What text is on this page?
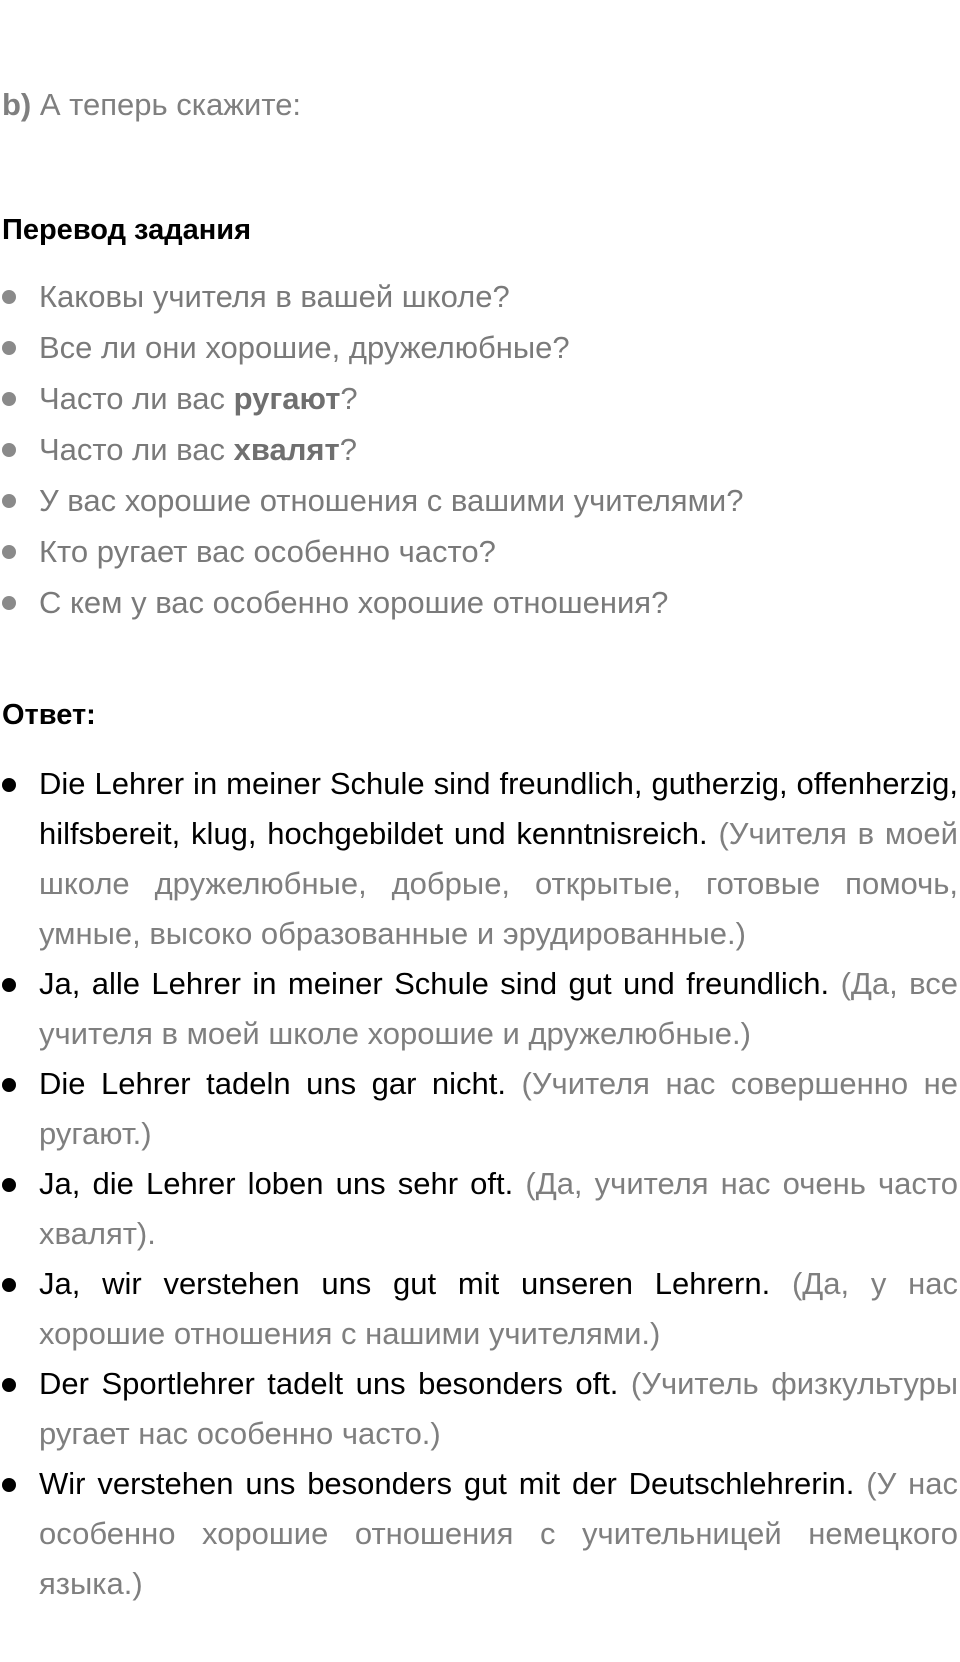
b) А теперь скажите:
Перевод задания
Каковы учителя в вашей школе?
Все ли они хорошие, дружелюбные?
Часто ли вас ругают?
Часто ли вас хвалят?
У вас хорошие отношения с вашими учителями?
Кто ругает вас особенно часто?
С кем у вас особенно хорошие отношения?
Ответ:
Die Lehrer in meiner Schule sind freundlich, gutherzig, offenherzig, hilfsbereit, klug, hochgebildet und kenntnisreich. (Учителя в моей школе дружелюбные, добрые, открытые, готовые помочь, умные, высоко образованные и эрудированные.)
Ja, alle Lehrer in meiner Schule sind gut und freundlich. (Да, все учителя в моей школе хорошие и дружелюбные.)
Die Lehrer tadeln uns gar nicht. (Учителя нас совершенно не ругают.)
Ja, die Lehrer loben uns sehr oft. (Да, учителя нас очень часто хвалят).
Ja, wir verstehen uns gut mit unseren Lehrern. (Да, у нас хорошие отношения с нашими учителями.)
Der Sportlehrer tadelt uns besonders oft. (Учитель физкультуры ругает нас особенно часто.)
Wir verstehen uns besonders gut mit der Deutschlehrerin. (У нас особенно хорошие отношения с учительницей немецкого языка.)
